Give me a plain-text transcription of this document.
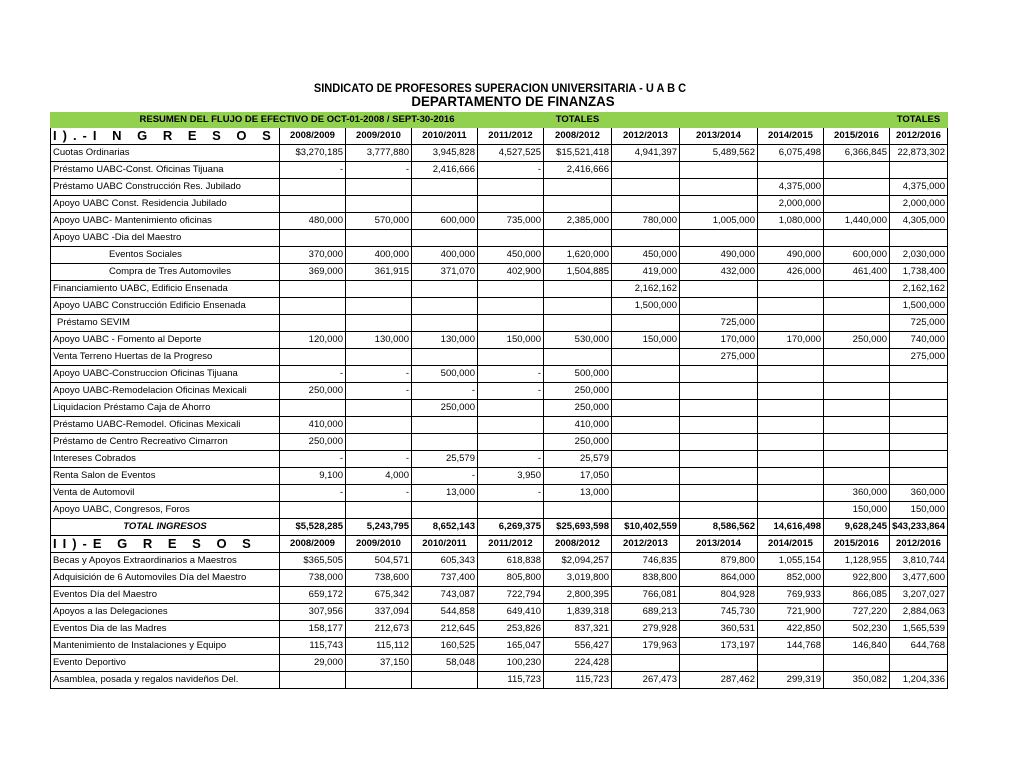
SINDICATO DE PROFESORES SUPERACION UNIVERSITARIA - U A B C
DEPARTAMENTO DE FINANZAS
RESUMEN DEL FLUJO DE EFECTIVO DE OCT-01-2008 / SEPT-30-2016					TOTALES					TOTALES
I).-I N G R E S O S	2008/2009	2009/2010	2010/2011	2011/2012	2008/2012	2012/2013	2013/2014	2014/2015	2015/2016	2012/2016
Cuotas Ordinarias	$3,270,185	3,777,880	3,945,828	4,527,525	$15,521,418	4,941,397	5,489,562	6,075,498	6,366,845	22,873,302
Préstamo UABC-Const. Oficinas Tijuana	-	-	2,416,666	-	2,416,666					
Préstamo UABC Construcción Res. Jubilado								4,375,000		4,375,000
Apoyo UABC Const. Residencia Jubilado								2,000,000		2,000,000
Apoyo UABC- Mantenimiento oficinas	480,000	570,000	600,000	735,000	2,385,000	780,000	1,005,000	1,080,000	1,440,000	4,305,000
Apoyo UABC -Dia del Maestro										
Eventos Sociales	370,000	400,000	400,000	450,000	1,620,000	450,000	490,000	490,000	600,000	2,030,000
Compra de Tres Automoviles	369,000	361,915	371,070	402,900	1,504,885	419,000	432,000	426,000	461,400	1,738,400
Financiamiento UABC, Edificio Ensenada						2,162,162				2,162,162
Apoyo UABC Construcción Edificio Ensenada						1,500,000				1,500,000
Préstamo SEVIM							725,000			725,000
Apoyo UABC - Fomento al Deporte	120,000	130,000	130,000	150,000	530,000	150,000	170,000	170,000	250,000	740,000
Venta Terreno Huertas de la Progreso							275,000			275,000
Apoyo UABC-Construccion Oficinas Tijuana	-	-	500,000	-	500,000					
Apoyo UABC-Remodelacion Oficinas Mexicali	250,000	-	-	-	250,000					
Liquidacion Préstamo Caja de Ahorro			250,000		250,000					
Préstamo UABC-Remodel. Oficinas Mexicali	410,000				410,000					
Préstamo de Centro Recreativo Cimarron	250,000				250,000					
Intereses Cobrados	-	-	25,579	-	25,579					
Renta Salon de Eventos	9,100	4,000	-	3,950	17,050					
Venta de Automovil	-	-	13,000	-	13,000				360,000	360,000
Apoyo UABC, Congresos, Foros									150,000	150,000
TOTAL INGRESOS	$5,528,285	5,243,795	8,652,143	6,269,375	$25,693,598	$10,402,559	8,586,562	14,616,498	9,628,245	$43,233,864
II)-E G R E S O S	2008/2009	2009/2010	2010/2011	2011/2012	2008/2012	2012/2013	2013/2014	2014/2015	2015/2016	2012/2016
Becas y Apoyos Extraordinarios a Maestros	$365,505	504,571	605,343	618,838	$2,094,257	746,835	879,800	1,055,154	1,128,955	3,810,744
Adquisición de 6 Automoviles Día del Maestro	738,000	738,600	737,400	805,800	3,019,800	838,800	864,000	852,000	922,800	3,477,600
Eventos Día del Maestro	659,172	675,342	743,087	722,794	2,800,395	766,081	804,928	769,933	866,085	3,207,027
Apoyos a las Delegaciones	307,956	337,094	544,858	649,410	1,839,318	689,213	745,730	721,900	727,220	2,884,063
Eventos Dia de las Madres	158,177	212,673	212,645	253,826	837,321	279,928	360,531	422,850	502,230	1,565,539
Mantenimiento de Instalaciones y Equipo	115,743	115,112	160,525	165,047	556,427	179,963	173,197	144,768	146,840	644,768
Evento Deportivo	29,000	37,150	58,048	100,230	224,428					
Asamblea, posada y regalos navideños Del.				115,723	115,723	267,473	287,462	299,319	350,082	1,204,336
